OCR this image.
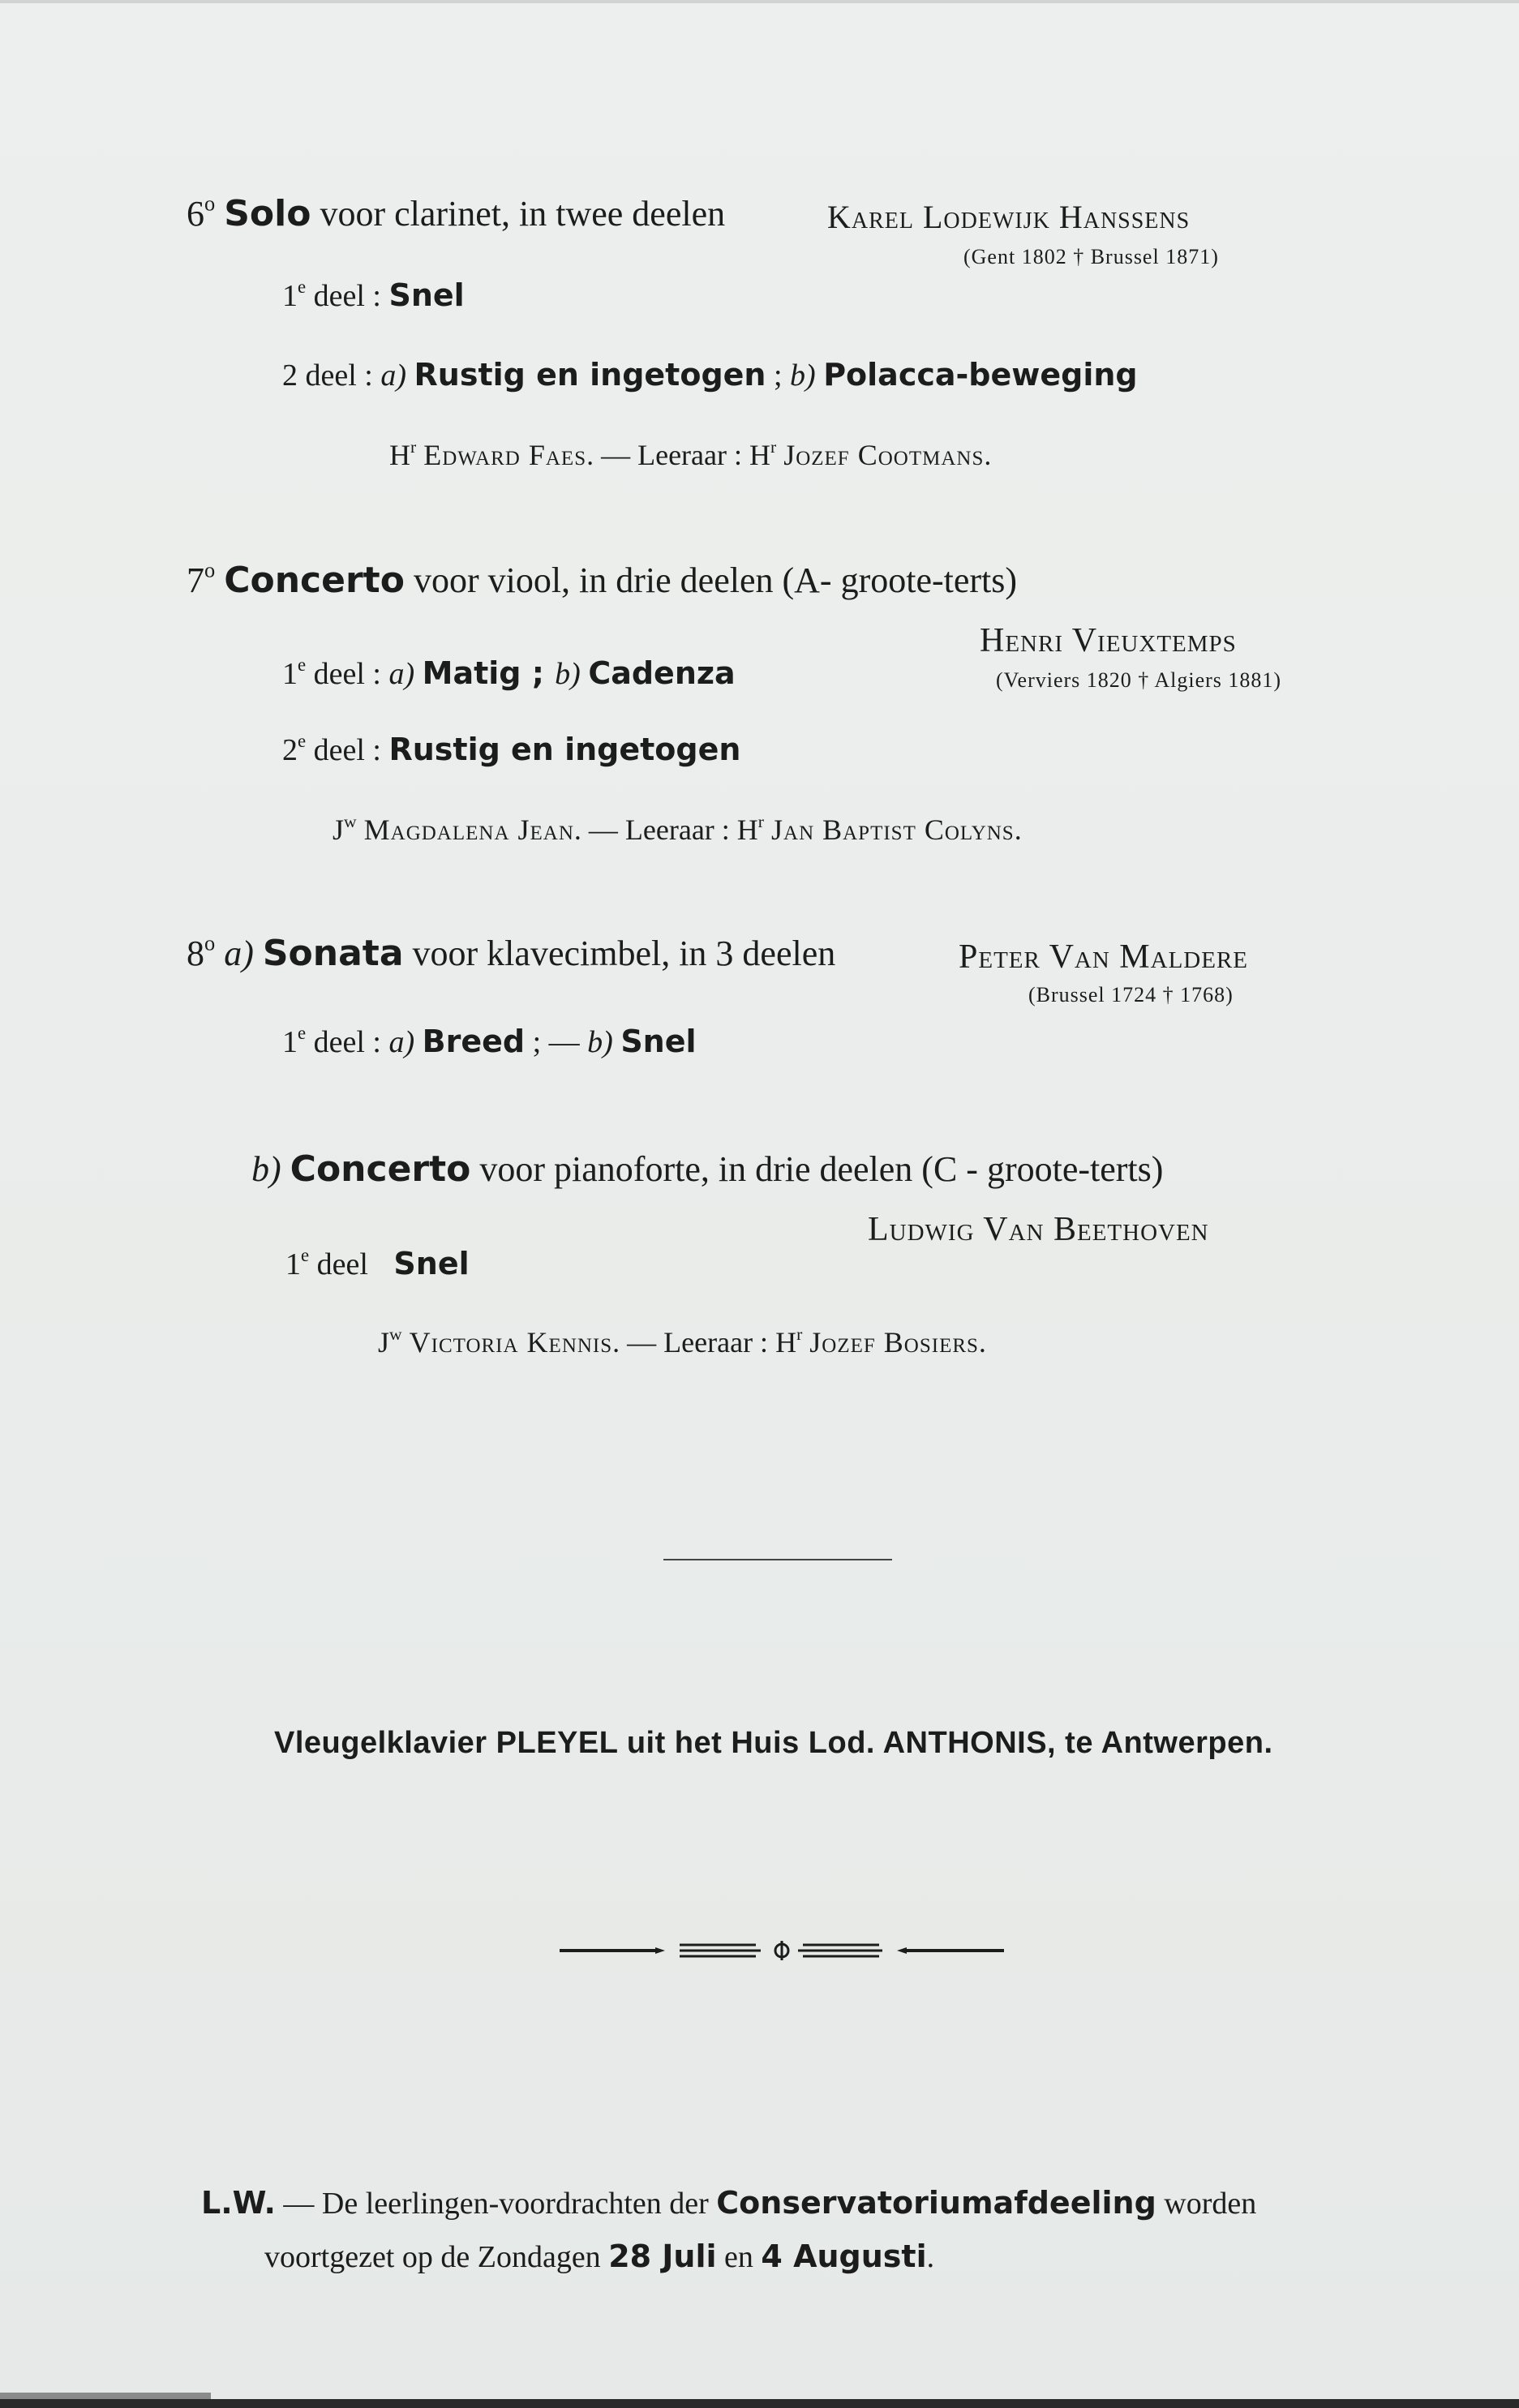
6$^o$ Solo voor clarinet, in twee deelen	Karel Lodewijk Hanssens
(Gent 1802 † Brussel 1871)
1e deel : Snel
2 deel : a) Rustig en ingetogen ; b) Polacca-beweging
$H^r$ Edward Faes. — Leeraar : $H^r$ Jozef Cootmans.
7$^o$ Concerto voor viool, in drie deelen (A- groote-terts)
Henri Vieuxtemps
(Verviers 1820 † Algiers 1881)
1e deel : a) Matig ; b) Cadenza
2e deel : Rustig en ingetogen
$J^w$ Magdalena Jean. — Leeraar : $H^r$ Jan Baptist Colyns.
8$^o$ a) Sonata voor klavecimbel, in 3 deelen	Peter Van Maldere
(Brussel 1724 † 1768)
1e deel : a) Breed ; — b) Snel
b) Concerto voor pianoforte, in drie deelen (C - groote-terts)
Ludwig Van Beethoven
1e deel Snel
$J^w$ Victoria Kennis. — Leeraar : $H^r$ Jozef Bosiers.
Vleugelklavier PLEYEL uit het Huis Lod. ANTHONIS, te Antwerpen.
L.W. — De leerlingen-voordrachten der Conservatoriumafdeeling worden
voortgezet op de Zondagen 28 Juli en 4 Augusti.
